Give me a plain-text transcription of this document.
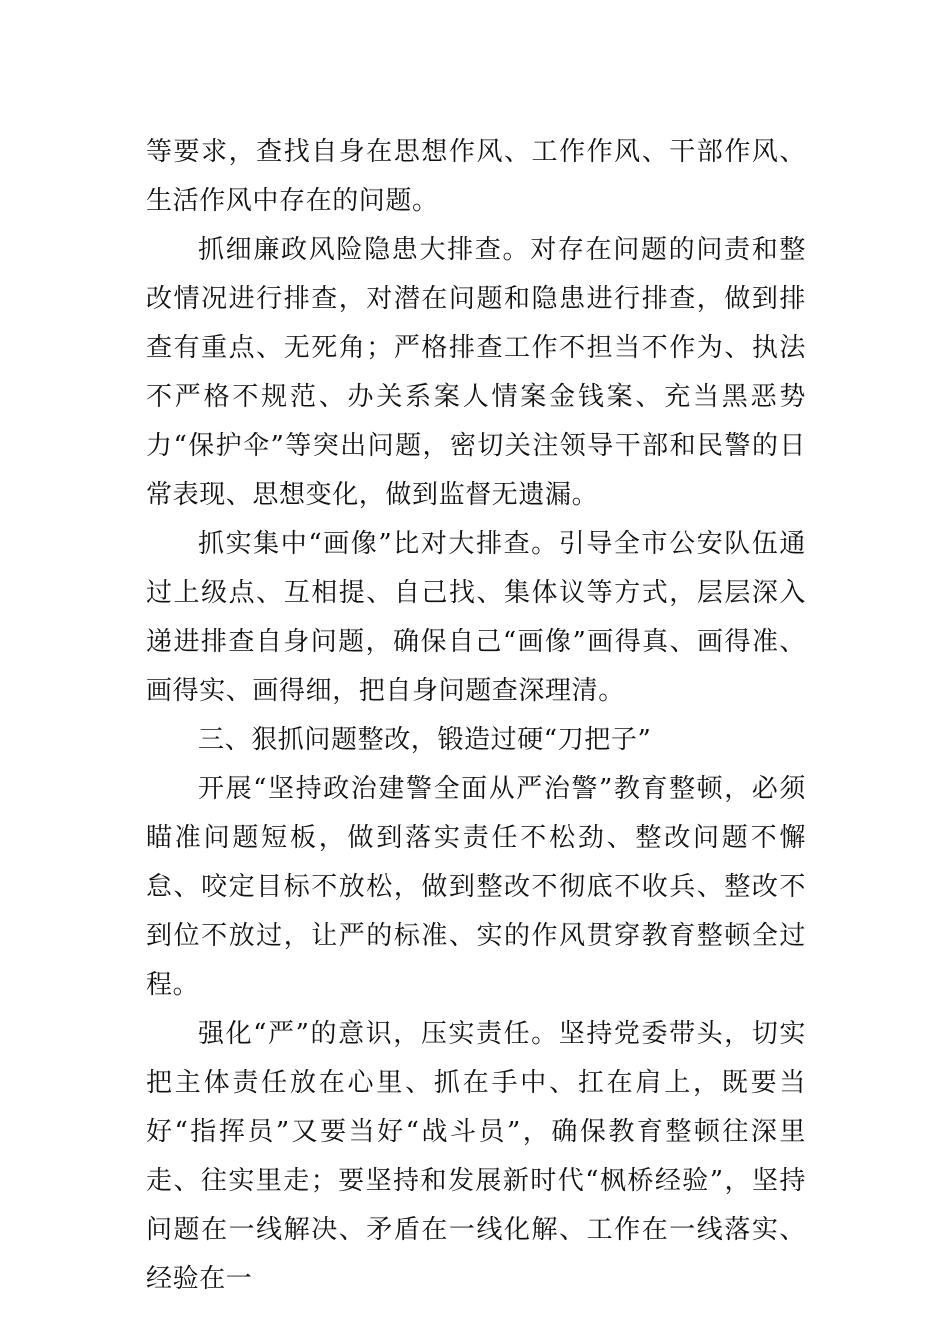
等要求，查找自身在思想作风、工作作风、干部作风、生活作风中存在的问题。

抓细廉政风险隐患大排查。对存在问题的问责和整改情况进行排查，对潜在问题和隐患进行排查，做到排查有重点、无死角；严格排查工作不担当不作为、执法不严格不规范、办关系案人情案金钱案、充当黑恶势力“保护伞”等突出问题，密切关注领导干部和民警的日常表现、思想变化，做到监督无遗漏。

抓实集中“画像”比对大排查。引导全市公安队伍通过上级点、互相提、自己找、集体议等方式，层层深入递进排查自身问题，确保自己“画像”画得真、画得准、画得实、画得细，把自身问题查深理清。

三、狠抓问题整改，锻造过硬“刀把子”

开展“坚持政治建警全面从严治警”教育整顿，必须瞄准问题短板，做到落实责任不松劲、整改问题不懈怠、咬定目标不放松，做到整改不彻底不收兵、整改不到位不放过，让严的标准、实的作风贯穿教育整顿全过程。

强化“严”的意识，压实责任。坚持党委带头，切实把主体责任放在心里、抓在手中、扛在肩上，既要当好“指挥员”又要当好“战斗员”，确保教育整顿往深里走、往实里走；要坚持和发展新时代“枫桥经验”，坚持问题在一线解决、矛盾在一线化解、工作在一线落实、经验在一
